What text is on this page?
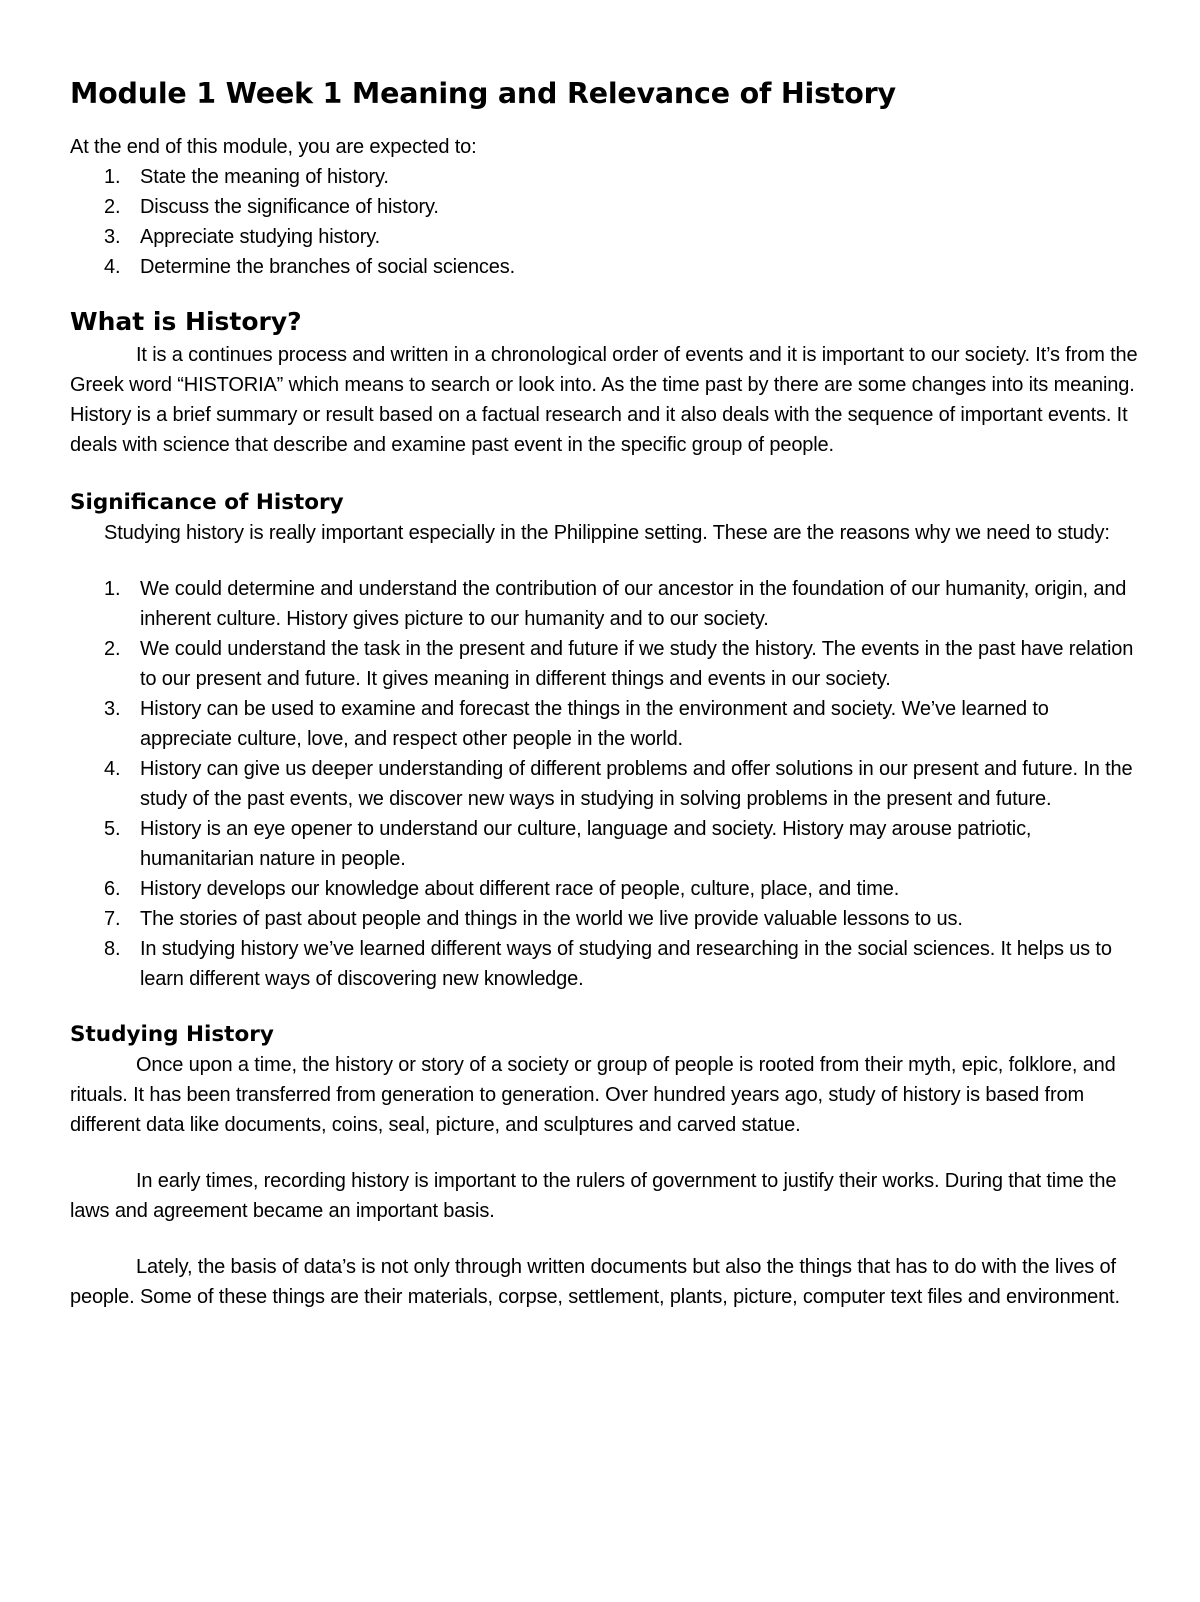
Module 1 Week 1 Meaning and Relevance of History

At the end of this module, you are expected to:

1. State the meaning of history.
2. Discuss the significance of history.
3. Appreciate studying history.
4. Determine the branches of social sciences.
What is History?

It is a continues process and written in a chronological order of events and it is important to our society. It’s from the Greek word “HISTORIA” which means to search or look into. As the time past by there are some changes into its meaning. History is a brief summary or result based on a factual research and it also deals with the sequence of important events. It deals with science that describe and examine past event in the specific group of people.

Significance of History

Studying history is really important especially in the Philippine setting. These are the reasons why we need to study:

1. We could determine and understand the contribution of our ancestor in the foundation of our humanity, origin, and inherent culture. History gives picture to our humanity and to our society.
2. We could understand the task in the present and future if we study the history. The events in the past have relation to our present and future. It gives meaning in different things and events in our society.
3. History can be used to examine and forecast the things in the environment and society. We’ve learned to appreciate culture, love, and respect other people in the world.
4. History can give us deeper understanding of different problems and offer solutions in our present and future. In the study of the past events, we discover new ways in studying in solving problems in the present and future.
5. History is an eye opener to understand our culture, language and society. History may arouse patriotic, humanitarian nature in people.
6. History develops our knowledge about different race of people, culture, place, and time.
7. The stories of past about people and things in the world we live provide valuable lessons to us.
8. In studying history we’ve learned different ways of studying and researching in the social sciences. It helps us to learn different ways of discovering new knowledge.
Studying History

Once upon a time, the history or story of a society or group of people is rooted from their myth, epic, folklore, and rituals. It has been transferred from generation to generation. Over hundred years ago, study of history is based from different data like documents, coins, seal, picture, and sculptures and carved statue.

In early times, recording history is important to the rulers of government to justify their works. During that time the laws and agreement became an important basis.

Lately, the basis of data’s is not only through written documents but also the things that has to do with the lives of people. Some of these things are their materials, corpse, settlement, plants, picture, computer text files and environment.
